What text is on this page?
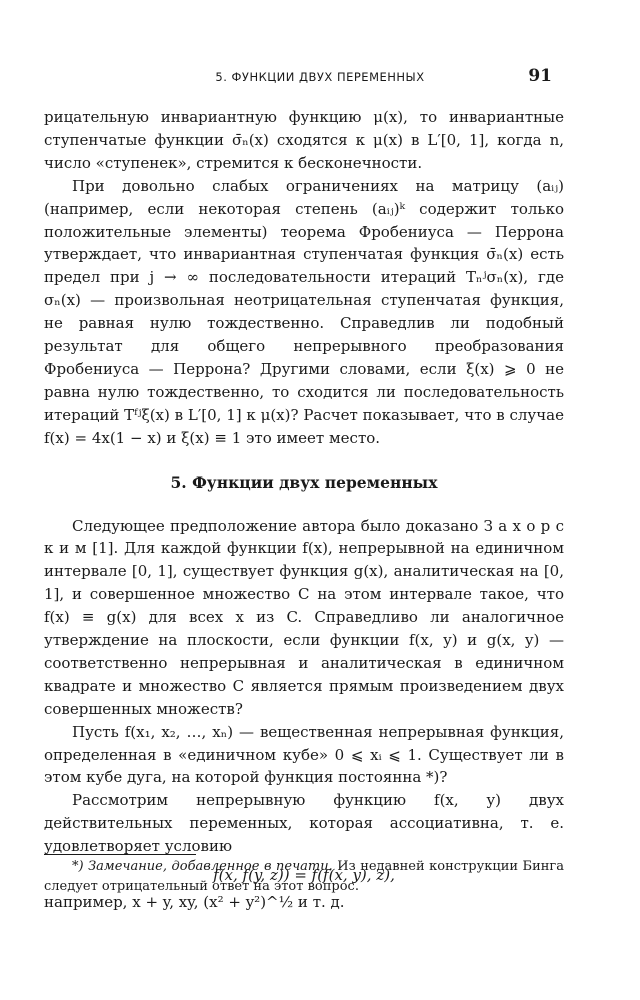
5. ФУНКЦИИ ДВУХ ПЕРЕМЕННЫХ	91

рицательную инвариантную функцию μ(x), то инвариантные ступенчатые функции σ̄ₙ(x) сходятся к μ(x) в L′[0, 1], когда n, число «ступенек», стремится к бесконечности.

При довольно слабых ограничениях на матрицу (aᵢⱼ) (например, если некоторая степень (aᵢⱼ)ᵏ содержит только положительные элементы) теорема Фробениуса — Перрона утверждает, что инвариантная ступенчатая функция σ̄ₙ(x) есть предел при j → ∞ последовательности итераций Tₙʲσₙ(x), где σₙ(x) — произвольная неотрицательная ступенчатая функция, не равная нулю тождественно. Справедлив ли подобный результат для общего непрерывного преобразования Фробениуса — Перрона? Другими словами, если ξ(x) ⩾ 0 не равна нулю тождественно, то сходится ли последовательность итераций Tᶠʲξ(x) в L′[0, 1] к μ(x)? Расчет показывает, что в случае f(x) = 4x(1 − x) и ξ(x) ≡ 1 это имеет место.

5. Функции двух переменных

Следующее предположение автора было доказано З а х о р с к и м [1]. Для каждой функции f(x), непрерывной на единичном интервале [0, 1], существует функция g(x), аналитическая на [0, 1], и совершенное множество C на этом интервале такое, что f(x) ≡ g(x) для всех x из C. Справедливо ли аналогичное утверждение на плоскости, если функции f(x, y) и g(x, y) — соответственно непрерывная и аналитическая в единичном квадрате и множество C является прямым произведением двух совершенных множеств?

Пусть f(x₁, x₂, …, xₙ) — вещественная непрерывная функция, определенная в «единичном кубе» 0 ⩽ xᵢ ⩽ 1. Существует ли в этом кубе дуга, на которой функция постоянна *)?

Рассмотрим непрерывную функцию f(x, y) двух действительных переменных, которая ассоциативна, т. е. удовлетворяет условию

f(x, f(y, z)) = f(f(x, y), z),

например, x + y, xy, (x² + y²)^½ и т. д.

*) Замечание, добавленное в печати. Из недавней конструкции Бинга следует отрицательный ответ на этот вопрос.
